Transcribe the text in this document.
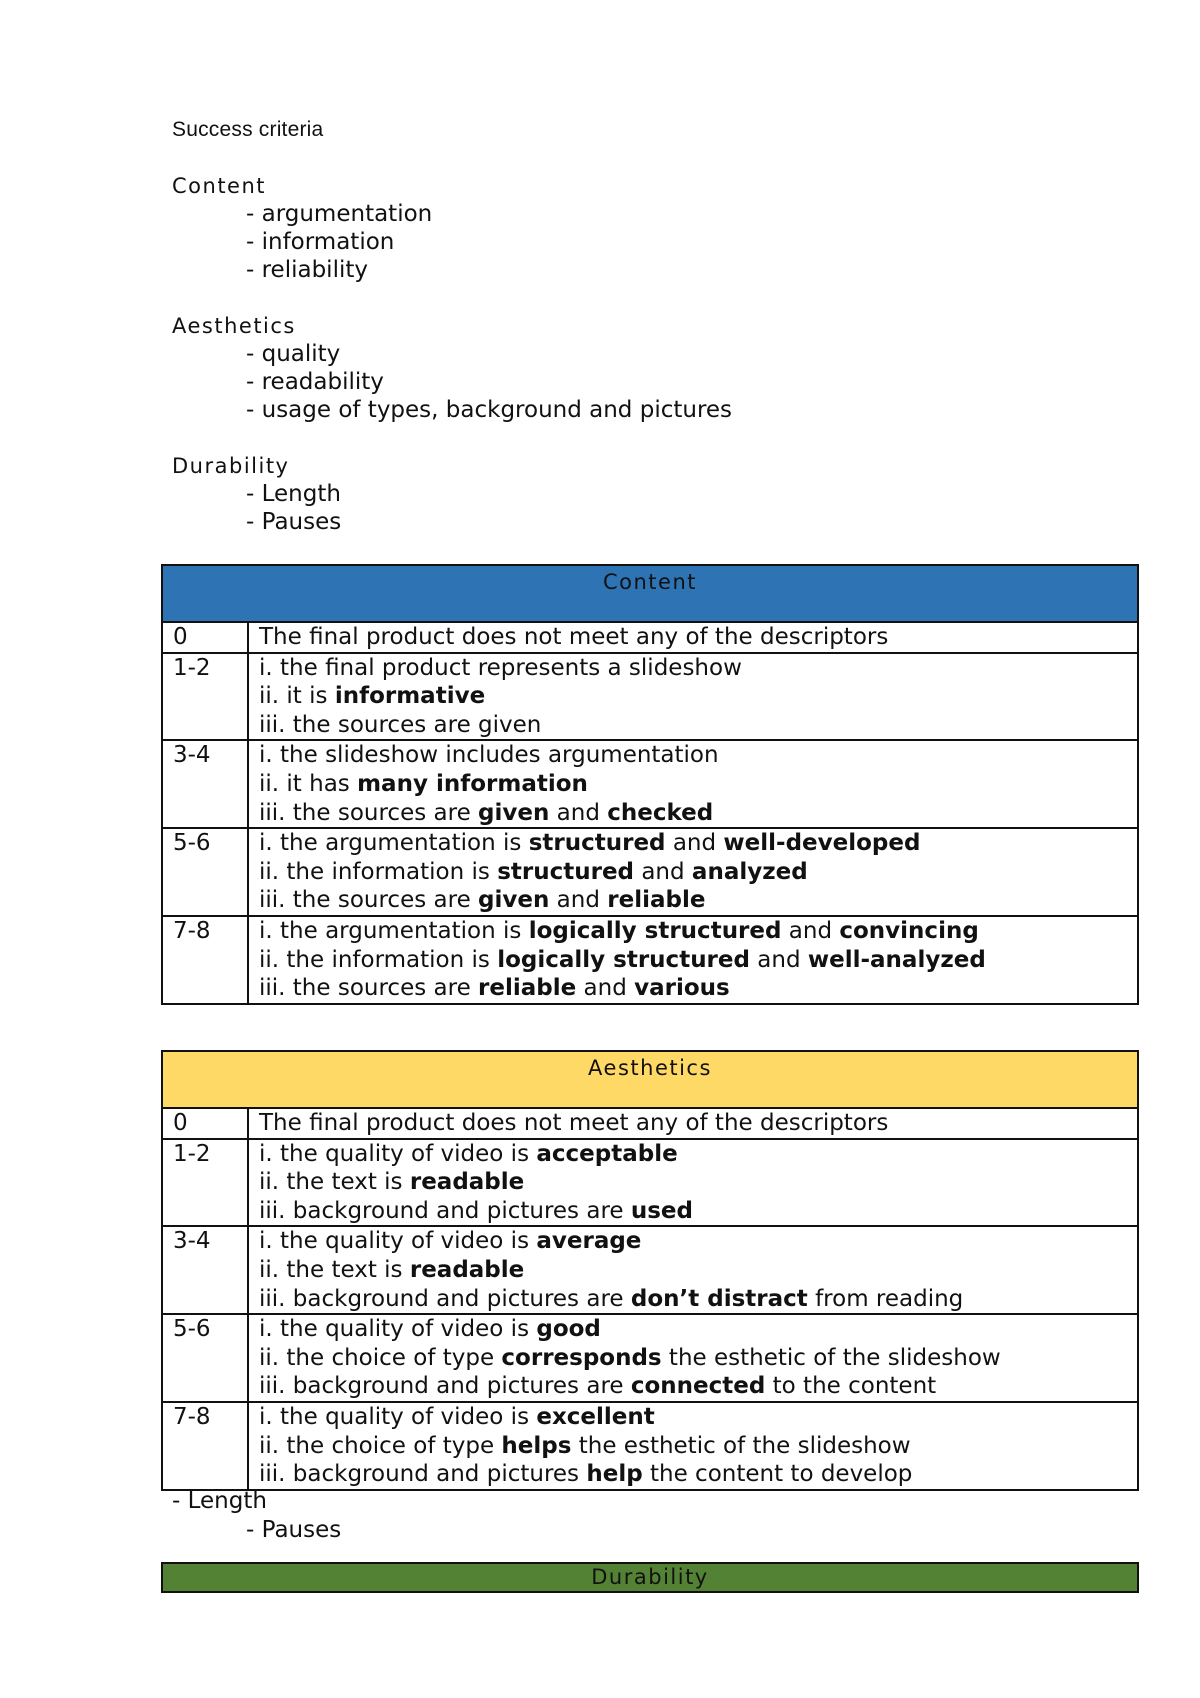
Success criteria
Content
- argumentation
- information
- reliability
Aesthetics
- quality
- readability
- usage of types, background and pictures
Durability
- Length
- Pauses
Content	
0	The final product does not meet any of the descriptors

1-2	i. the final product represents a slideshow
ii. it is informative
iii. the sources are given

3-4	i. the slideshow includes argumentation
ii. it has many information
iii. the sources are given and checked

5-6	i. the argumentation is structured and well-developed
ii. the information is structured and analyzed
iii. the sources are given and reliable

7-8	i. the argumentation is logically structured and convincing
ii. the information is logically structured and well-analyzed
iii. the sources are reliable and various
Aesthetics	
0	The final product does not meet any of the descriptors

1-2	i. the quality of video is acceptable
ii. the text is readable
iii. background and pictures are used

3-4	i. the quality of video is average
ii. the text is readable
iii. background and pictures are don’t distract from reading

5-6	i. the quality of video is good
ii. the choice of type corresponds the esthetic of the slideshow
iii. background and pictures are connected to the content

7-8	i. the quality of video is excellent
ii. the choice of type helps the esthetic of the slideshow
iii. background and pictures help the content to develop
- Length
- Pauses
Durability
